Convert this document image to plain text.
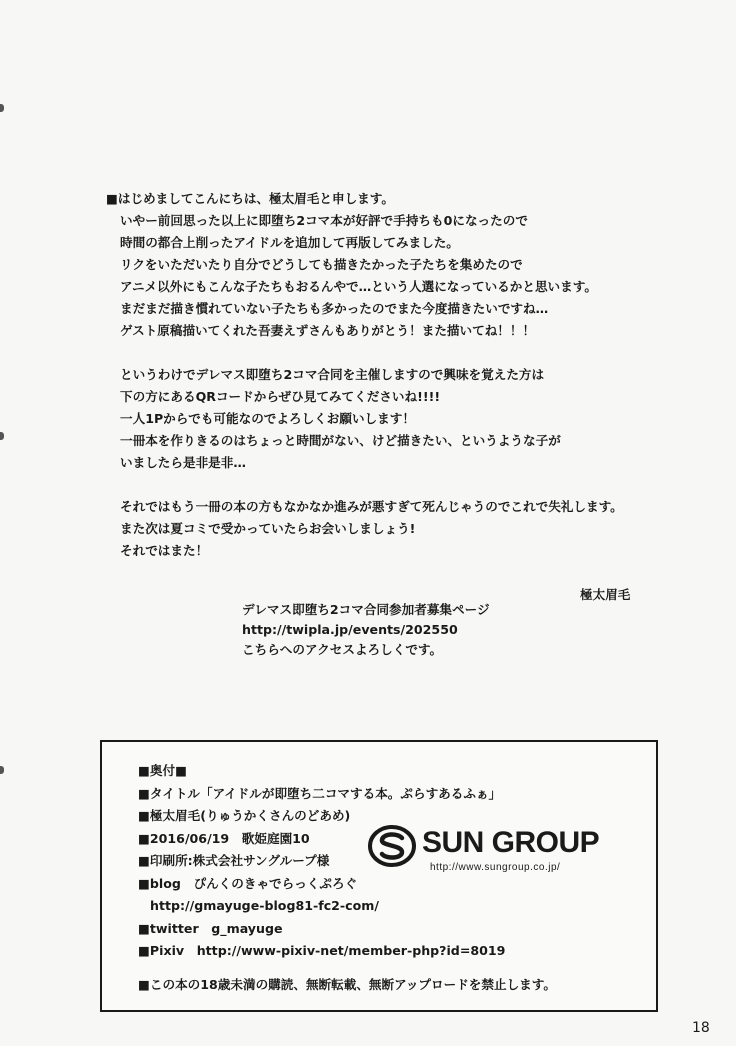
■はじめましてこんにちは、極太眉毛と申します。
いやー前回思った以上に即堕ち2コマ本が好評で手持ちも0になったので
時間の都合上削ったアイドルを追加して再版してみました。
リクをいただいたり自分でどうしても描きたかった子たちを集めたので
アニメ以外にもこんな子たちもおるんやで…という人選になっているかと思います。
まだまだ描き慣れていない子たちも多かったのでまた今度描きたいですね…
ゲスト原稿描いてくれた吾妻えずさんもありがとう！また描いてね！！！
というわけでデレマス即堕ち2コマ合同を主催しますので興味を覚えた方は
下の方にあるQRコードからぜひ見てみてくださいね!!!!
一人1Pからでも可能なのでよろしくお願いします！
一冊本を作りきるのはちょっと時間がない、けど描きたい、というような子が
いましたら是非是非…
それではもう一冊の本の方もなかなか進みが悪すぎて死んじゃうのでこれで失礼します。
また次は夏コミで受かっていたらお会いしましょう!
それではまた！
極太眉毛
デレマス即堕ち2コマ合同参加者募集ページ
http://twipla.jp/events/202550
こちらへのアクセスよろしくです。
■奥付■
■タイトル「アイドルが即堕ち二コマする本。ぷらすあるふぁ」
■極太眉毛(りゅうかくさんのどあめ)
■2016/06/19　歌姫庭園10
■印刷所:株式会社サングループ様
■blog　ぴんくのきゃでらっくぷろぐ
http://gmayuge-blog81-fc2-com/
■twitter　g_mayuge
■Pixiv　http://www-pixiv-net/member-php?id=8019
■この本の18歳未満の購読、無断転載、無断アップロードを禁止します。
SUN GROUP
http://www.sungroup.co.jp/
18
